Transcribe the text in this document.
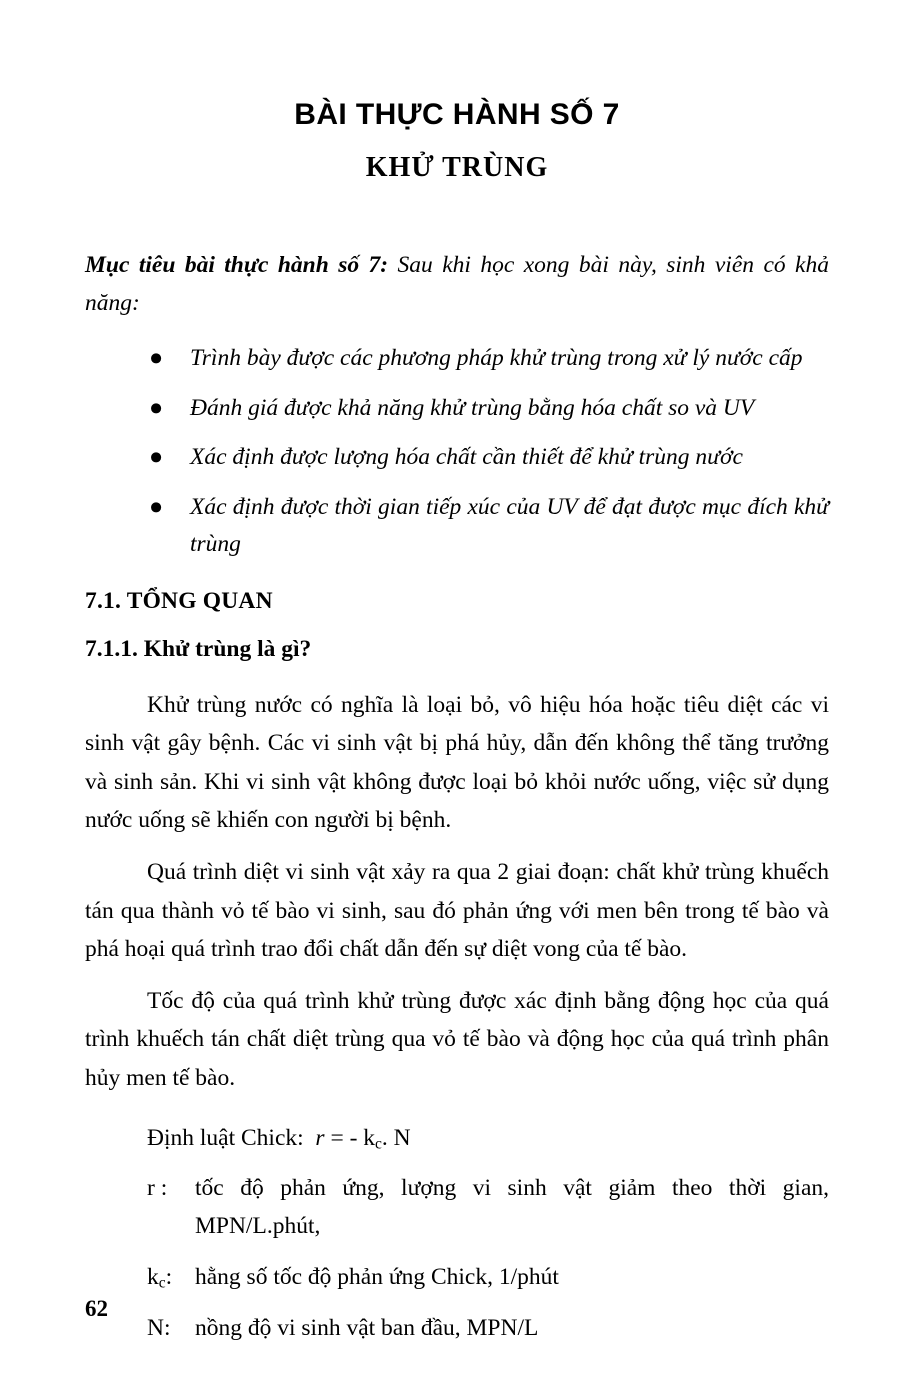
BÀI THỰC HÀNH SỐ 7
KHỬ TRÙNG

Mục tiêu bài thực hành số 7: Sau khi học xong bài này, sinh viên có khả năng:

● Trình bày được các phương pháp khử trùng trong xử lý nước cấp
● Đánh giá được khả năng khử trùng bằng hóa chất so và UV
● Xác định được lượng hóa chất cần thiết để khử trùng nước
● Xác định được thời gian tiếp xúc của UV để đạt được mục đích khử trùng
7.1. TỔNG QUAN
7.1.1. Khử trùng là gì?

Khử trùng nước có nghĩa là loại bỏ, vô hiệu hóa hoặc tiêu diệt các vi sinh vật gây bệnh. Các vi sinh vật bị phá hủy, dẫn đến không thể tăng trưởng và sinh sản. Khi vi sinh vật không được loại bỏ khỏi nước uống, việc sử dụng nước uống sẽ khiến con người bị bệnh.

Quá trình diệt vi sinh vật xảy ra qua 2 giai đoạn: chất khử trùng khuếch tán qua thành vỏ tế bào vi sinh, sau đó phản ứng với men bên trong tế bào và phá hoại quá trình trao đổi chất dẫn đến sự diệt vong của tế bào.

Tốc độ của quá trình khử trùng được xác định bằng động học của quá trình khuếch tán chất diệt trùng qua vỏ tế bào và động học của quá trình phân hủy men tế bào.

Định luật Chick: r = - $k_c$. N

r : tốc độ phản ứng, lượng vi sinh vật giảm theo thời gian, MPN/L.phút,
$k_c$: hằng số tốc độ phản ứng Chick, 1/phút
N: nồng độ vi sinh vật ban đầu, MPN/L
62
